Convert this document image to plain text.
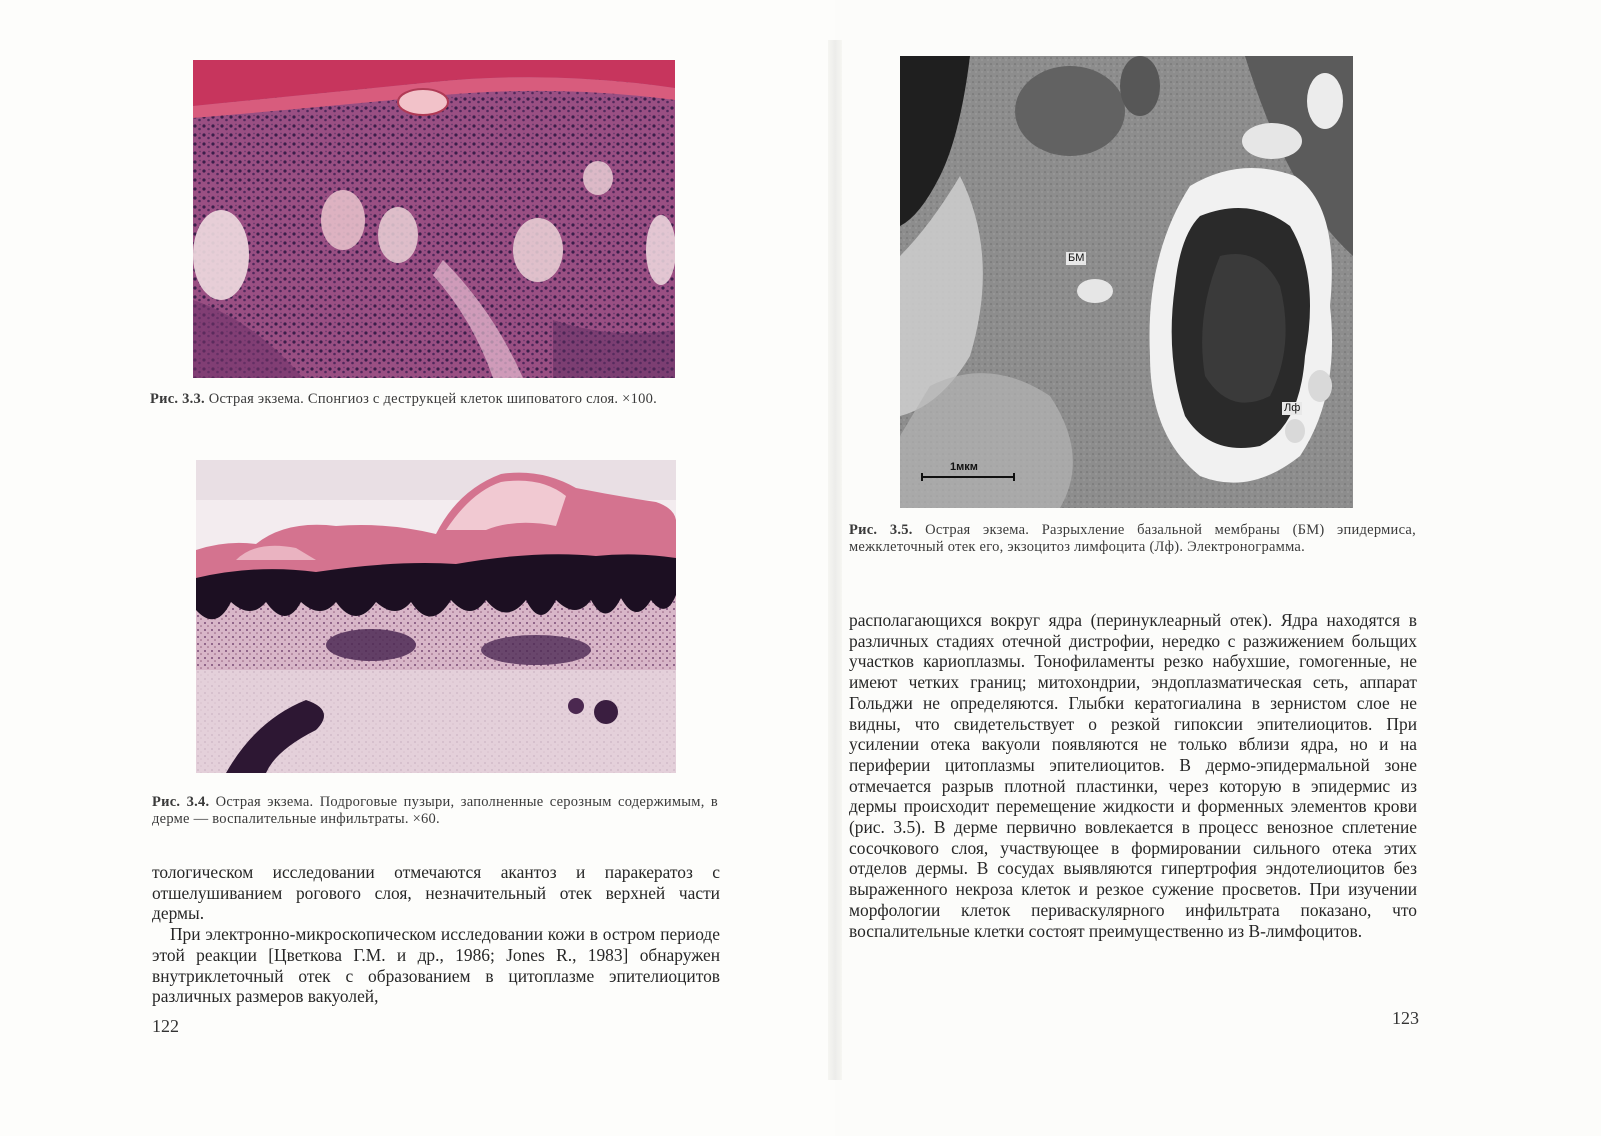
Рис. 3.3. Острая экзема. Спонгиоз с деструкцей клеток шиповатого слоя. ×100.
Рис. 3.4. Острая экзема. Подроговые пузыри, заполненные серозным содержимым, в дерме — воспалительные инфильтраты. ×60.

тологическом исследовании отмечаются акантоз и паракератоз с отшелушиванием рогового слоя, незначительный отек верхней части дермы.

При электронно-микроскопическом исследовании кожи в остром периоде этой реакции [Цветкова Г.М. и др., 1986; Jones R., 1983] обнаружен внутриклеточный отек с образованием в цитоплазме эпителиоцитов различных размеров вакуолей,

122
БМ
Лф
1мкм
Рис. 3.5. Острая экзема. Разрыхление базальной мембраны (БМ) эпидермиса, межклеточный отек его, экзоцитоз лимфоцита (Лф). Электронограмма.

располагающихся вокруг ядра (перинуклеарный отек). Ядра находятся в различных стадиях отечной дистрофии, нередко с разжижением больщих участков кариоплазмы. Тонофиламенты резко набухшие, гомогенные, не имеют четких границ; митохондрии, эндоплазматическая сеть, аппарат Гольджи не определяются. Глыбки кератогиалина в зернистом слое не видны, что свидетельствует о резкой гипоксии эпителиоцитов. При усилении отека вакуоли появляются не только вблизи ядра, но и на периферии цитоплазмы эпителиоцитов. В дермо-эпидермальной зоне отмечается разрыв плотной пластинки, через которую в эпидермис из дермы происходит перемещение жидкости и форменных элементов крови (рис. 3.5). В дерме первично вовлекается в процесс венозное сплетение сосочкового слоя, участвующее в формировании сильного отека этих отделов дермы. В сосудах выявляются гипертрофия эндотелиоцитов без выраженного некроза клеток и резкое сужение просветов. При изучении морфологии клеток периваскулярного инфильтрата показано, что воспалительные клетки состоят преимущественно из В-лимфоцитов.

123
